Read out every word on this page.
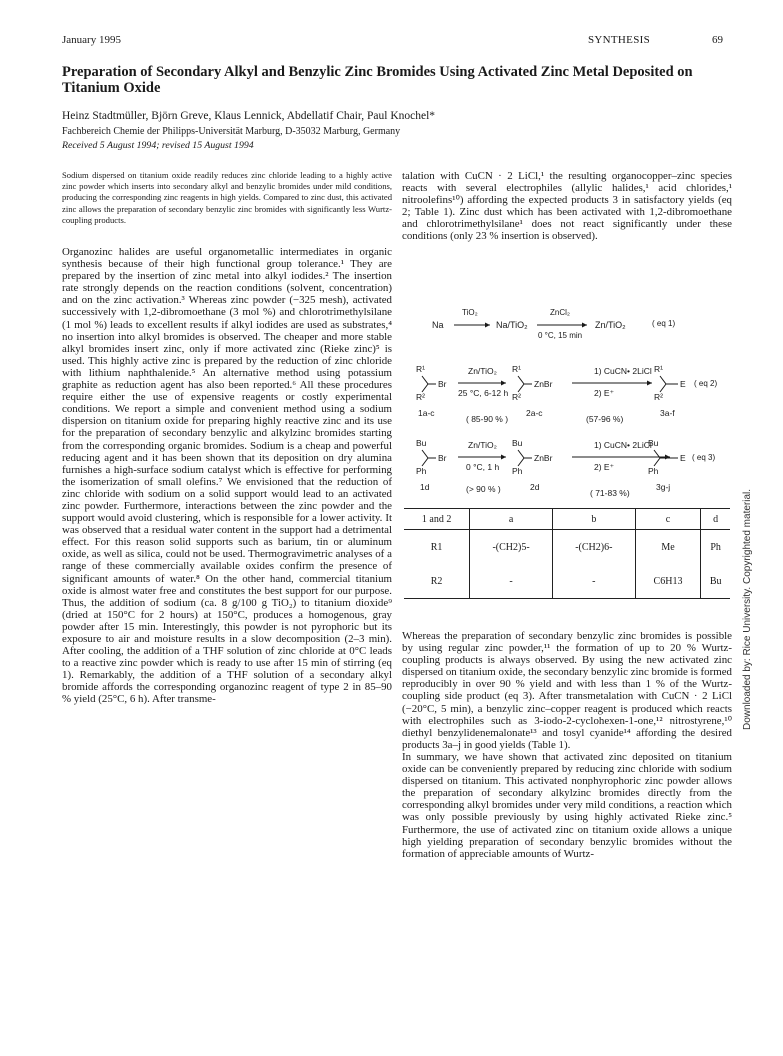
January 1995	SYNTHESIS	69
Preparation of Secondary Alkyl and Benzylic Zinc Bromides Using Activated Zinc Metal Deposited on Titanium Oxide
Heinz Stadtmüller, Björn Greve, Klaus Lennick, Abdellatif Chair, Paul Knochel*
Fachbereich Chemie der Philipps-Universität Marburg, D-35032 Marburg, Germany
Received 5 August 1994; revised 15 August 1994

Sodium dispersed on titanium oxide readily reduces zinc chloride leading to a highly active zinc powder which inserts into secondary alkyl and benzylic bromides under mild conditions, producing the corresponding zinc reagents in high yields. Compared to zinc dust, this activated zinc allows the preparation of secondary benzylic zinc bromides with significantly less Wurtz-coupling products.

Organozinc halides are useful organometallic intermediates in organic synthesis because of their high functional group tolerance.¹ They are prepared by the insertion of zinc metal into alkyl iodides.² The insertion rate strongly depends on the reaction conditions (solvent, concentration) and on the zinc activation.³ Whereas zinc powder (−325 mesh), activated successively with 1,2-dibromoethane (3 mol %) and chlorotrimethylsilane (1 mol %) leads to excellent results if alkyl iodides are used as substrates,⁴ no insertion into alkyl bromides is observed. The cheaper and more stable alkyl bromides insert zinc, only if more activated zinc (Rieke zinc)⁵ is used. This highly active zinc is prepared by the reduction of zinc chloride with lithium naphthalenide.⁵ An alternative method using potassium graphite as reduction agent has also been reported.⁶ All these procedures require either the use of expensive reagents or costly experimental conditions. We report a simple and convenient method using a sodium dispersion on titanium oxide for preparing highly reactive zinc and its use for the preparation of secondary benzylic and alkylzinc bromides starting from the corresponding organic bromides. Sodium is a cheap and powerful reducing agent and it has been shown that its deposition on dry alumina furnishes a high-surface sodium catalyst which is effective for performing the isomerization of small olefins.⁷ We envisioned that the reduction of zinc chloride with sodium on a solid support would lead to an activated zinc powder. Furthermore, interactions between the zinc powder and the support would avoid clustering, which is responsible for a lower activity. It was observed that a residual water content in the support had a detrimental effect. For this reason solid supports such as barium, tin or aluminum oxide, as well as silica, could not be used. Thermogravimetric analyses of a range of these commercially available oxides confirm the presence of significant amounts of water.⁸ On the other hand, commercial titanium oxide is almost water free and constitutes the best support for our purpose. Thus, the addition of sodium (ca. 8 g/100 g TiO₂) to titanium dioxide⁹ (dried at 150°C for 2 hours) at 150°C, produces a homogenous, gray powder after 15 min. Interestingly, this powder is not pyrophoric but its exposure to air and moisture results in a slow decomposition (2–3 min). After cooling, the addition of a THF solution of zinc chloride at 0°C leads to a reactive zinc powder which is ready to use after 15 min of stirring (eq 1). Remarkably, the addition of a THF solution of a secondary alkyl bromide affords the corresponding organozinc reagent of type 2 in 85–90 % yield (25°C, 6 h). After transme-

talation with CuCN · 2 LiCl,¹ the resulting organocopper–zinc species reacts with several electrophiles (allylic halides,¹ acid chlorides,¹ nitroolefins¹⁰) affording the expected products 3 in satisfactory yields (eq 2; Table 1). Zinc dust which has been activated with 1,2-dibromoethane and chlorotrimethylsilane¹ does not react significantly under these conditions (only 23 % insertion is observed).

Na
TiO₂
Na/TiO₂
ZnCl₂
0 °C, 15 min
Zn/TiO₂	( eq 1)
R¹
R²
Br
1a-c
Zn/TiO₂
25 °C, 6-12 h
( 85-90 % )
R¹
R²
ZnBr
2a-c
1) CuCN• 2LiCl
2) E⁺
(57-96 %)
R¹
R²
E
3a-f
( eq 2)
Bu
Ph
Br
1d
Zn/TiO₂
0 °C, 1 h
(> 90 % )
Bu
Ph
ZnBr
2d
1) CuCN• 2LiCl
2) E⁺
( 71-83 %)
Bu
Ph
E
3g-j
( eq 3)
1 and 2	a	b	c	d
R1	-(CH2)5-	-(CH2)6-	Me	Ph
R2	-	-	C6H13	Bu

Whereas the preparation of secondary benzylic zinc bromides is possible by using regular zinc powder,¹¹ the formation of up to 20 % Wurtz-coupling products is always observed. By using the new activated zinc dispersed on titanium oxide, the secondary benzylic zinc bromide is formed reproducibly in over 90 % yield and with less than 1 % of the Wurtz-coupling side product (eq 3). After transmetalation with CuCN · 2 LiCl (−20°C, 5 min), a benzylic zinc–copper reagent is produced which reacts with electrophiles such as 3-iodo-2-cyclohexen-1-one,¹² nitrostyrene,¹⁰ diethyl benzylidenemalonate¹³ and tosyl cyanide¹⁴ affording the desired products 3a–j in good yields (Table 1).

In summary, we have shown that activated zinc deposited on titanium oxide can be conveniently prepared by reducing zinc chloride with sodium dispersed on titanium. This activated nonphyrophoric zinc powder allows the preparation of secondary alkylzinc bromides directly from the corresponding alkyl bromides under very mild conditions, a reaction which was only possible previously by using highly activated Rieke zinc.⁵ Furthermore, the use of activated zinc on titanium oxide allows a unique high yielding preparation of secondary benzylic bromides without the formation of appreciable amounts of Wurtz-

Downloaded by: Rice University. Copyrighted material.
